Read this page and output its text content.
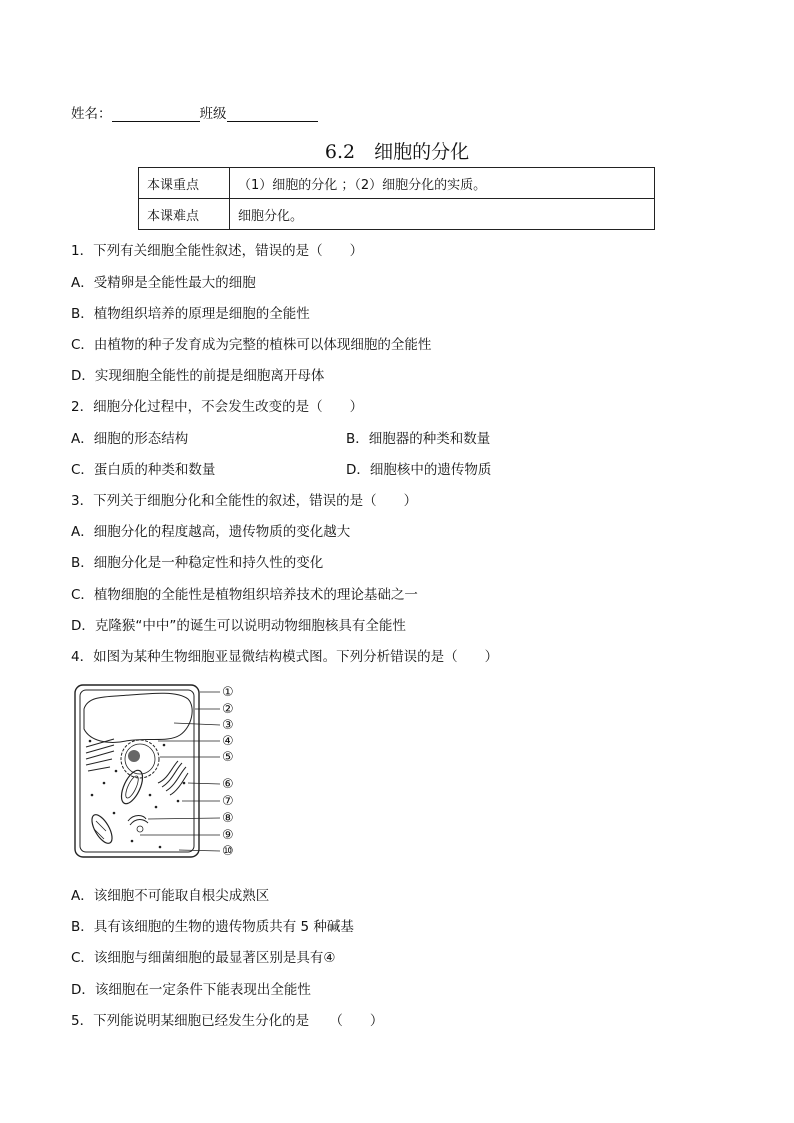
姓名：	班级
6.2　细胞的分化
本课重点	（1）细胞的分化 ；（2）细胞分化的实质。
本课难点	细胞分化。
1．下列有关细胞全能性叙述，错误的是（　　）
A．受精卵是全能性最大的细胞
B．植物组织培养的原理是细胞的全能性
C．由植物的种子发育成为完整的植株可以体现细胞的全能性
D．实现细胞全能性的前提是细胞离开母体
2．细胞分化过程中，不会发生改变的是（　　）
A．细胞的形态结构	B．细胞器的种类和数量
C．蛋白质的种类和数量	D．细胞核中的遗传物质
3．下列关于细胞分化和全能性的叙述，错误的是（　　）
A．细胞分化的程度越高，遗传物质的变化越大
B．细胞分化是一种稳定性和持久性的变化
C．植物细胞的全能性是植物组织培养技术的理论基础之一
D．克隆猴“中中”的诞生可以说明动物细胞核具有全能性
4．如图为某种生物细胞亚显微结构模式图。下列分析错误的是（　　）
①
②
③
④
⑤
⑥
⑦
⑧
⑨
⑩
A．该细胞不可能取自根尖成熟区
B．具有该细胞的生物的遗传物质共有 5 种碱基
C．该细胞与细菌细胞的最显著区别是具有④
D．该细胞在一定条件下能表现出全能性
5．下列能说明某细胞已经发生分化的是　　（　　）
